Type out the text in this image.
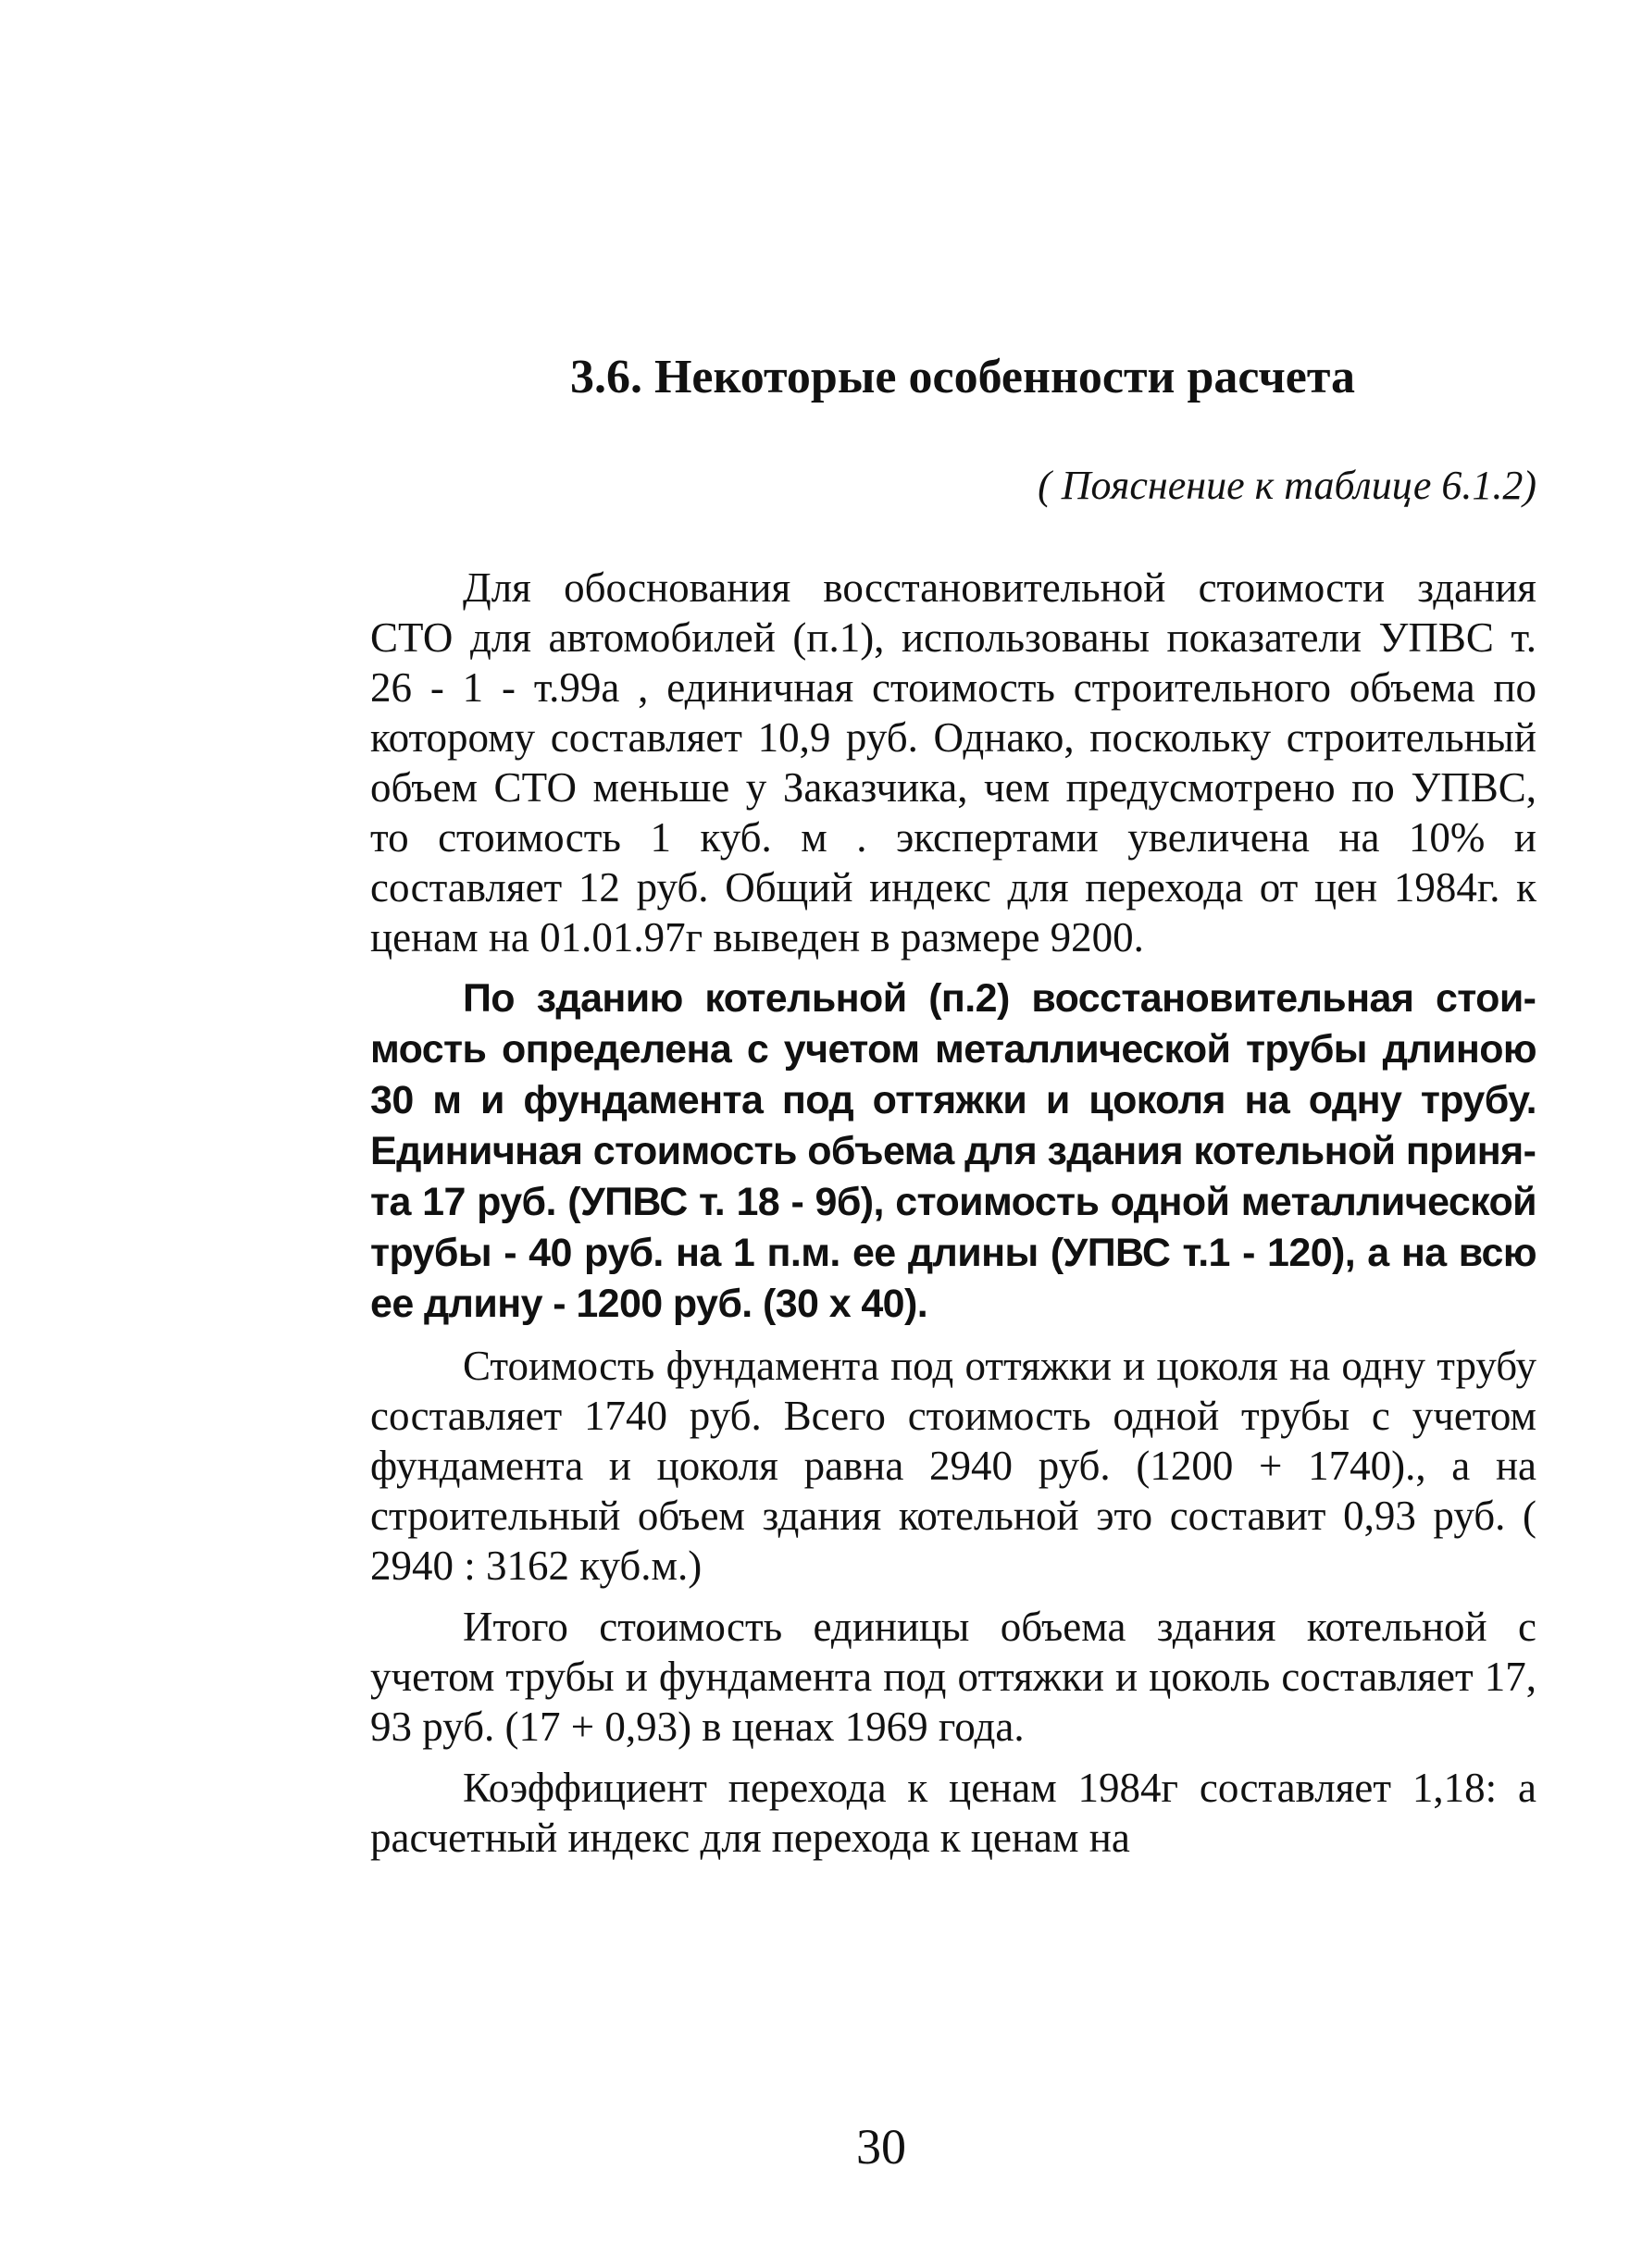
3.6. Некоторые особенности расчета
( Пояснение к таблице 6.1.2)

Для обоснования восстановительной стоимости здания СТО для автомобилей (п.1), использованы показатели УПВС т. 26 - 1 - т.99а , единичная стоимость строительного объема по которому составляет 10,9 руб. Однако, поскольку строительный объем СТО меньше у Заказчика, чем предусмотрено по УПВС, то стоимость 1 куб. м . экспертами увеличена на 10% и составляет 12 руб. Общий индекс для перехода от цен 1984г. к ценам на 01.01.97г выведен в размере 9200.

По зданию котельной (п.2) восстановительная стоимость определена с учетом металлической трубы длиною 30 м и фундамента под оттяжки и цоколя на одну трубу. Единичная стоимость объема для здания котельной принята 17 руб. (УПВС т. 18 - 9б), стоимость одной металлической трубы - 40 руб. на 1 п.м. ее длины (УПВС т.1 - 120), а на всю ее длину - 1200 руб. (30 х 40).

Стоимость фундамента под оттяжки и цоколя на одну трубу составляет 1740 руб. Всего стоимость одной трубы с учетом фундамента и цоколя равна 2940 руб. (1200 + 1740)., а на строительный объем здания котельной это составит 0,93 руб. ( 2940 : 3162 куб.м.)

Итого стоимость единицы объема здания котельной с учетом трубы и фундамента под оттяжки и цоколь составляет 17, 93 руб. (17 + 0,93) в ценах 1969 года.

Коэффициент перехода к ценам 1984г составляет 1,18: а расчетный индекс для перехода к ценам на

30
